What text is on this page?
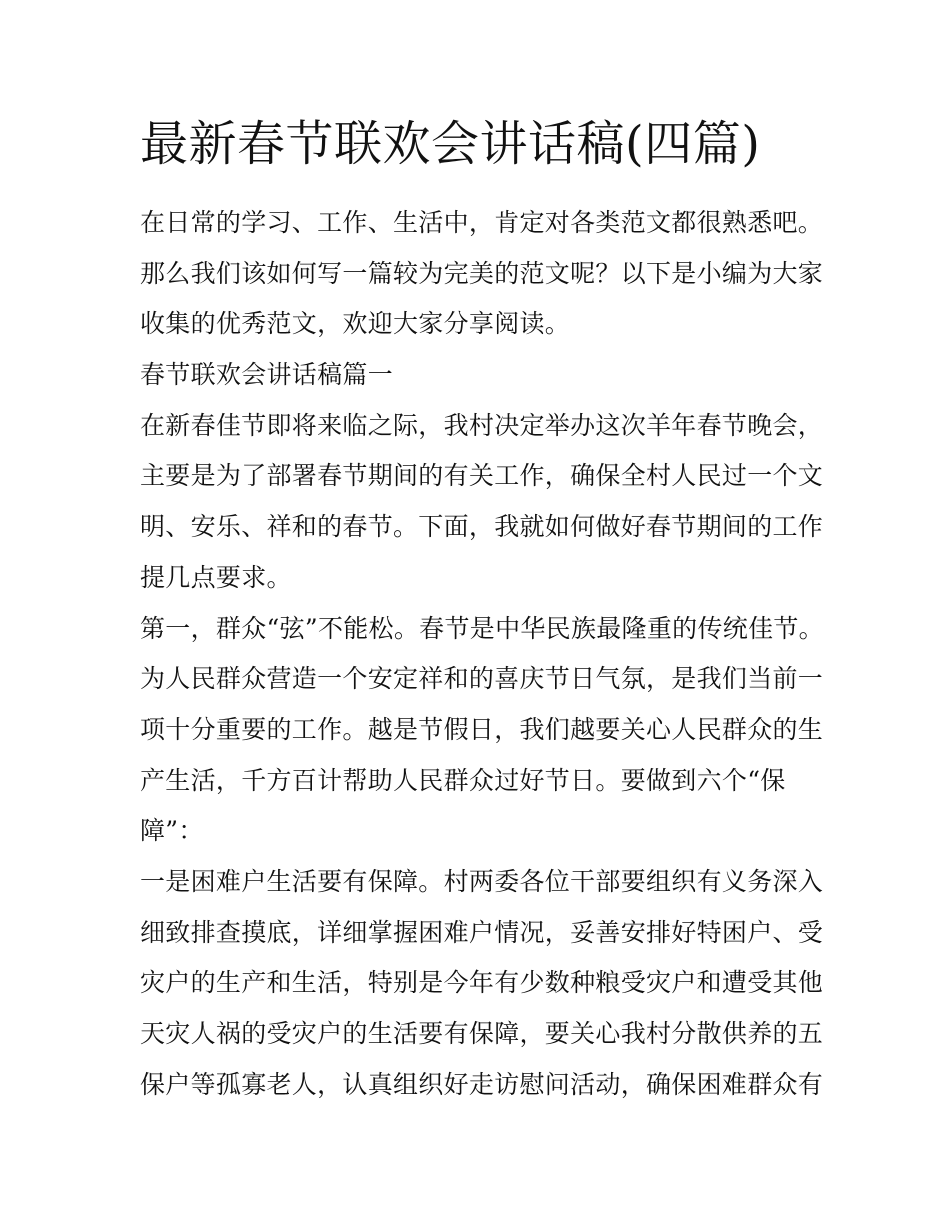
最新春节联欢会讲话稿(四篇)
在日常的学习、工作、生活中，肯定对各类范文都很熟悉吧。
那么我们该如何写一篇较为完美的范文呢？以下是小编为大家
收集的优秀范文，欢迎大家分享阅读。
春节联欢会讲话稿篇一
在新春佳节即将来临之际，我村决定举办这次羊年春节晚会，
主要是为了部署春节期间的有关工作，确保全村人民过一个文
明、安乐、祥和的春节。下面，我就如何做好春节期间的工作
提几点要求。
第一，群众“弦”不能松。春节是中华民族最隆重的传统佳节。
为人民群众营造一个安定祥和的喜庆节日气氛，是我们当前一
项十分重要的工作。越是节假日，我们越要关心人民群众的生
产生活，千方百计帮助人民群众过好节日。要做到六个“保
障”：
一是困难户生活要有保障。村两委各位干部要组织有义务深入
细致排查摸底，详细掌握困难户情况，妥善安排好特困户、受
灾户的生产和生活，特别是今年有少数种粮受灾户和遭受其他
天灾人祸的受灾户的生活要有保障，要关心我村分散供养的五
保户等孤寡老人，认真组织好走访慰问活动，确保困难群众有
